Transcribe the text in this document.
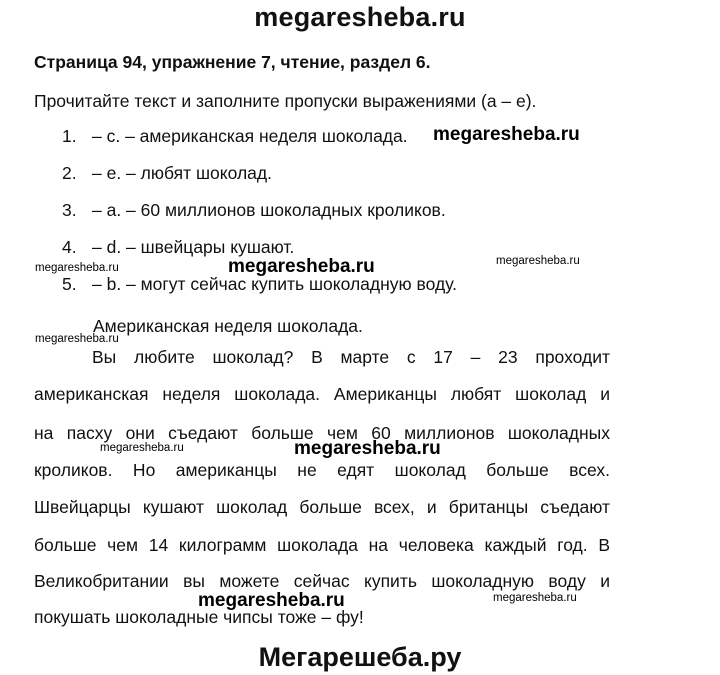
megaresheba.ru
Страница 94, упражнение 7, чтение, раздел 6.
Прочитайте текст и заполните пропуски выражениями (a – e).
1. – c. – американская неделя шоколада.
2. – e. – любят шоколад.
3. – a. – 60 миллионов шоколадных кроликов.
4. – d. – швейцары кушают.
5. – b. – могут сейчас купить шоколадную воду.
Американская неделя шоколада.
Вы любите шоколад? В марте с 17 – 23 проходит
американская неделя шоколада. Американцы любят шоколад и
на пасху они съедают больше чем 60 миллионов шоколадных
кроликов. Но американцы не едят шоколад больше всех.
Швейцарцы кушают шоколад больше всех, и британцы съедают
больше чем 14 килограмм шоколада на человека каждый год. В
Великобритании вы можете сейчас купить шоколадную воду и
покушать шоколадные чипсы тоже – фу!
megaresheba.ru
megaresheba.ru
megaresheba.ru
megaresheba.ru
megaresheba.ru
megaresheba.ru	megaresheba.ru
megaresheba.ru	megaresheba.ru
Мегарешеба.ру
